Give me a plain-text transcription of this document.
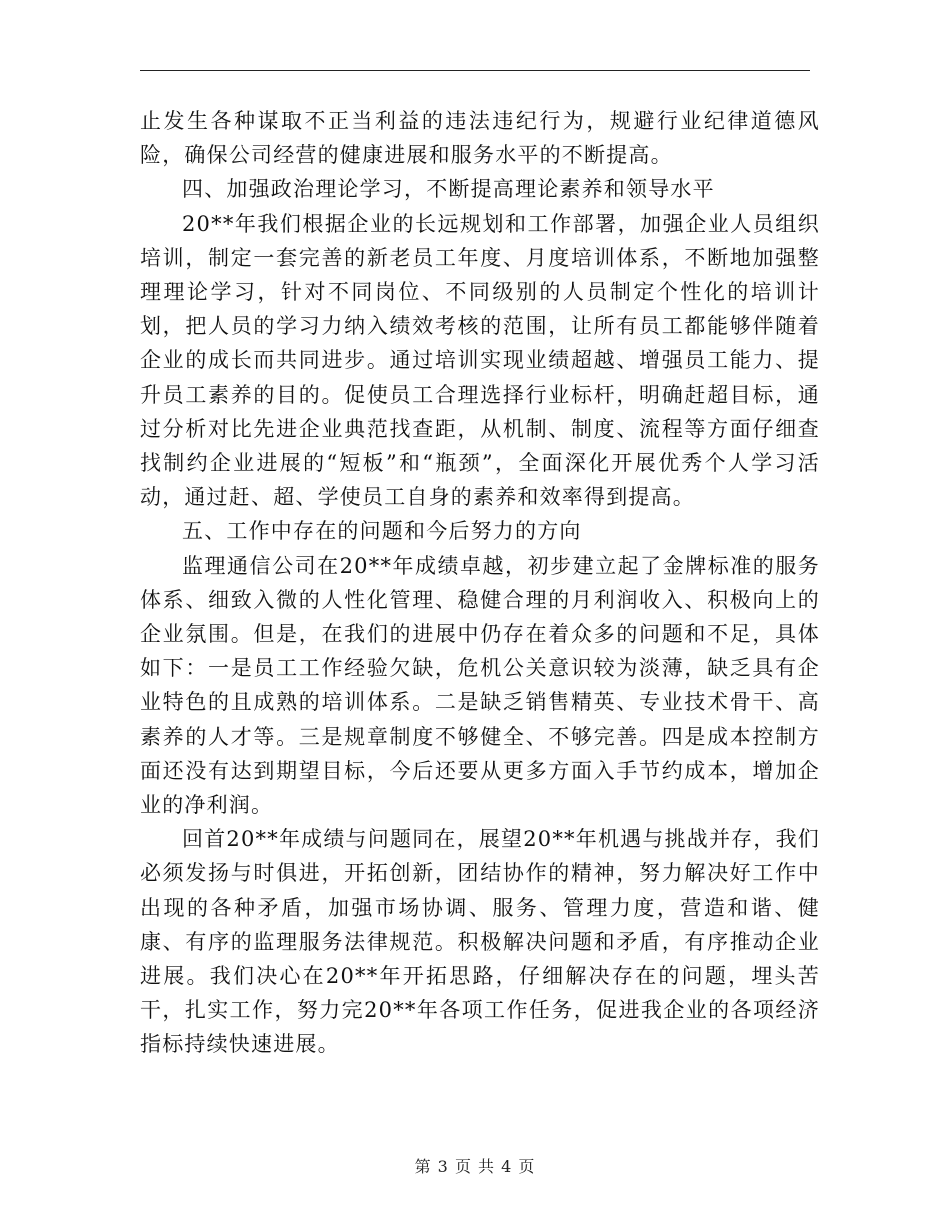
止发生各种谋取不正当利益的违法违纪行为，规避行业纪律道德风险，确保公司经营的健康进展和服务水平的不断提高。

四、加强政治理论学习，不断提高理论素养和领导水平

20**年我们根据企业的长远规划和工作部署，加强企业人员组织培训，制定一套完善的新老员工年度、月度培训体系，不断地加强整理理论学习，针对不同岗位、不同级别的人员制定个性化的培训计划，把人员的学习力纳入绩效考核的范围，让所有员工都能够伴随着企业的成长而共同进步。通过培训实现业绩超越、增强员工能力、提升员工素养的目的。促使员工合理选择行业标杆，明确赶超目标，通过分析对比先进企业典范找查距，从机制、制度、流程等方面仔细查找制约企业进展的“短板”和“瓶颈”，全面深化开展优秀个人学习活动，通过赶、超、学使员工自身的素养和效率得到提高。

五、工作中存在的问题和今后努力的方向

监理通信公司在20**年成绩卓越，初步建立起了金牌标准的服务体系、细致入微的人性化管理、稳健合理的月利润收入、积极向上的企业氛围。但是，在我们的进展中仍存在着众多的问题和不足，具体如下：一是员工工作经验欠缺，危机公关意识较为淡薄，缺乏具有企业特色的且成熟的培训体系。二是缺乏销售精英、专业技术骨干、高素养的人才等。三是规章制度不够健全、不够完善。四是成本控制方面还没有达到期望目标，今后还要从更多方面入手节约成本，增加企业的净利润。

回首20**年成绩与问题同在，展望20**年机遇与挑战并存，我们必须发扬与时俱进，开拓创新，团结协作的精神，努力解决好工作中出现的各种矛盾，加强市场协调、服务、管理力度，营造和谐、健康、有序的监理服务法律规范。积极解决问题和矛盾，有序推动企业进展。我们决心在20**年开拓思路，仔细解决存在的问题，埋头苦干，扎实工作，努力完20**年各项工作任务，促进我企业的各项经济指标持续快速进展。

第 3 页 共 4 页
